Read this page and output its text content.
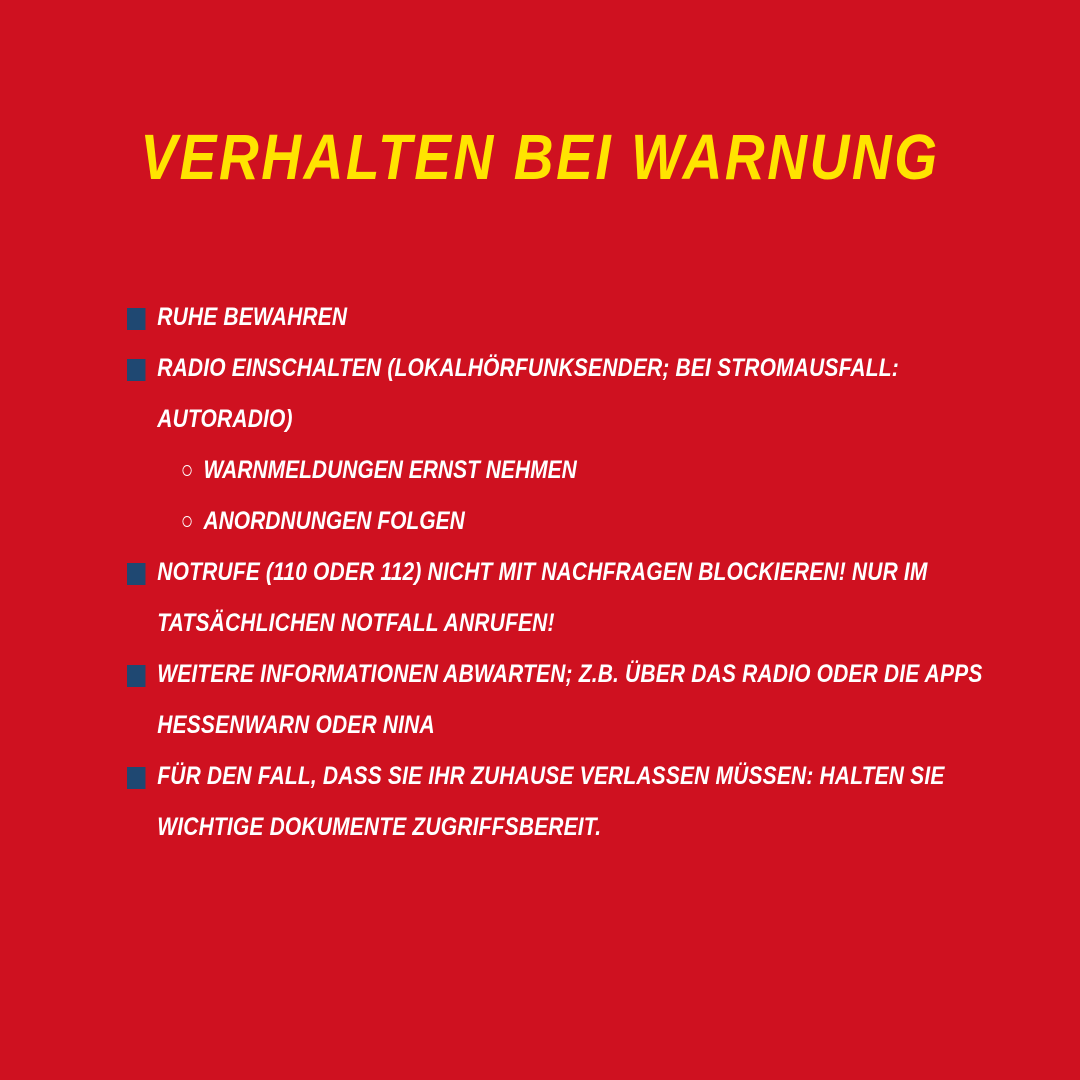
VERHALTEN BEI WARNUNG
RUHE BEWAHREN
RADIO EINSCHALTEN (LOKALHÖRFUNKSENDER; BEI STROMAUSFALL: AUTORADIO)
WARNMELDUNGEN ERNST NEHMEN
ANORDNUNGEN FOLGEN
NOTRUFE (110 ODER 112) NICHT MIT NACHFRAGEN BLOCKIEREN! NUR IM TATSÄCHLICHEN NOTFALL ANRUFEN!
WEITERE INFORMATIONEN ABWARTEN; Z.B. ÜBER DAS RADIO ODER DIE APPS HESSENWARN ODER NINA
FÜR DEN FALL, DASS SIE IHR ZUHAUSE VERLASSEN MÜSSEN: HALTEN SIE WICHTIGE DOKUMENTE ZUGRIFFSBEREIT.
